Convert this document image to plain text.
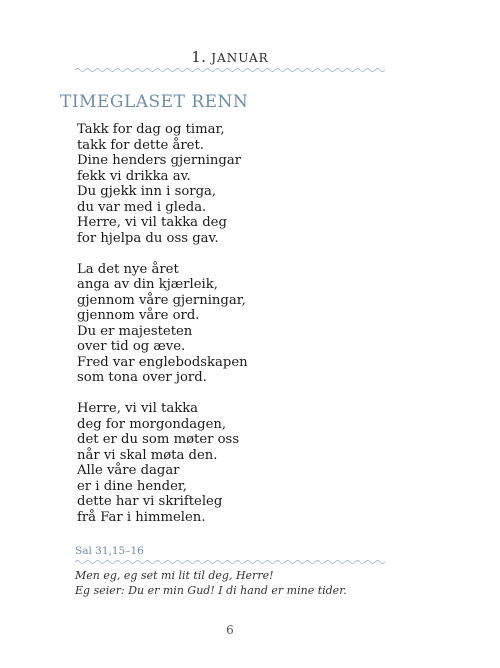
1. JANUAR
TIMEGLASET RENN
Takk for dag og timar,
takk for dette året.
Dine henders gjerningar
fekk vi drikka av.
Du gjekk inn i sorga,
du var med i gleda.
Herre, vi vil takka deg
for hjelpa du oss gav.
La det nye året
anga av din kjærleik,
gjennom våre gjerningar,
gjennom våre ord.
Du er majesteten
over tid og æve.
Fred var englebodskapen
som tona over jord.
Herre, vi vil takka
deg for morgondagen,
det er du som møter oss
når vi skal møta den.
Alle våre dagar
er i dine hender,
dette har vi skrifteleg
frå Far i himmelen.
Sal 31,15–16
Men eg, eg set mi lit til deg, Herre!
Eg seier: Du er min Gud! I di hand er mine tider.
6
